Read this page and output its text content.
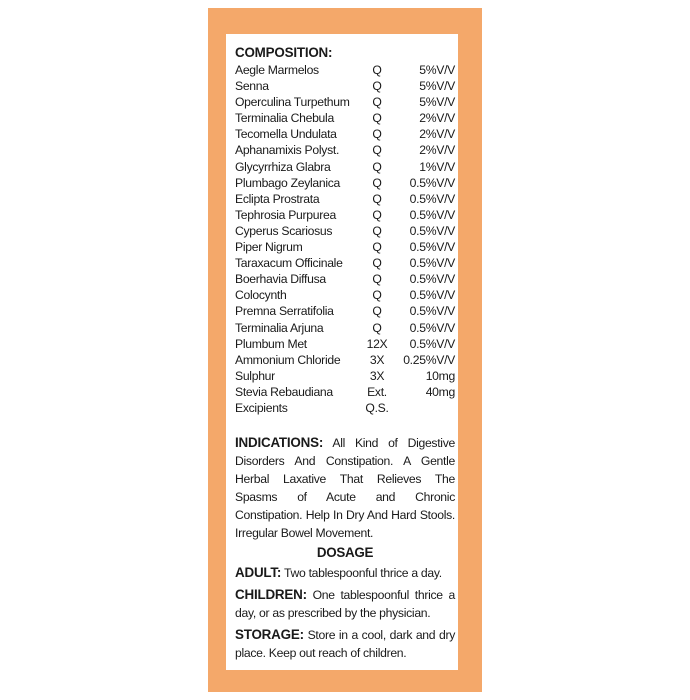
COMPOSITION:
Aegle Marmelos	Q	5%V/V
Senna	Q	5%V/V
Operculina Turpethum	Q	5%V/V
Terminalia Chebula	Q	2%V/V
Tecomella Undulata	Q	2%V/V
Aphanamixis Polyst.	Q	2%V/V
Glycyrrhiza Glabra	Q	1%V/V
Plumbago Zeylanica	Q	0.5%V/V
Eclipta Prostrata	Q	0.5%V/V
Tephrosia Purpurea	Q	0.5%V/V
Cyperus Scariosus	Q	0.5%V/V
Piper Nigrum	Q	0.5%V/V
Taraxacum Officinale	Q	0.5%V/V
Boerhavia Diffusa	Q	0.5%V/V
Colocynth	Q	0.5%V/V
Premna Serratifolia	Q	0.5%V/V
Terminalia Arjuna	Q	0.5%V/V
Plumbum Met	12X	0.5%V/V
Ammonium Chloride	3X	0.25%V/V
Sulphur	3X	10mg
Stevia Rebaudiana	Ext.	40mg
Excipients	Q.S.
INDICATIONS: All Kind of Digestive Disorders And Constipation. A Gentle Herbal Laxative That Relieves The Spasms of Acute and Chronic Constipation. Help In Dry And Hard Stools. Irregular Bowel Movement.
DOSAGE
ADULT: Two tablespoonful thrice a day.
CHILDREN: One tablespoonful thrice a day, or as prescribed by the physician.
STORAGE: Store in a cool, dark and dry place. Keep out reach of children.
